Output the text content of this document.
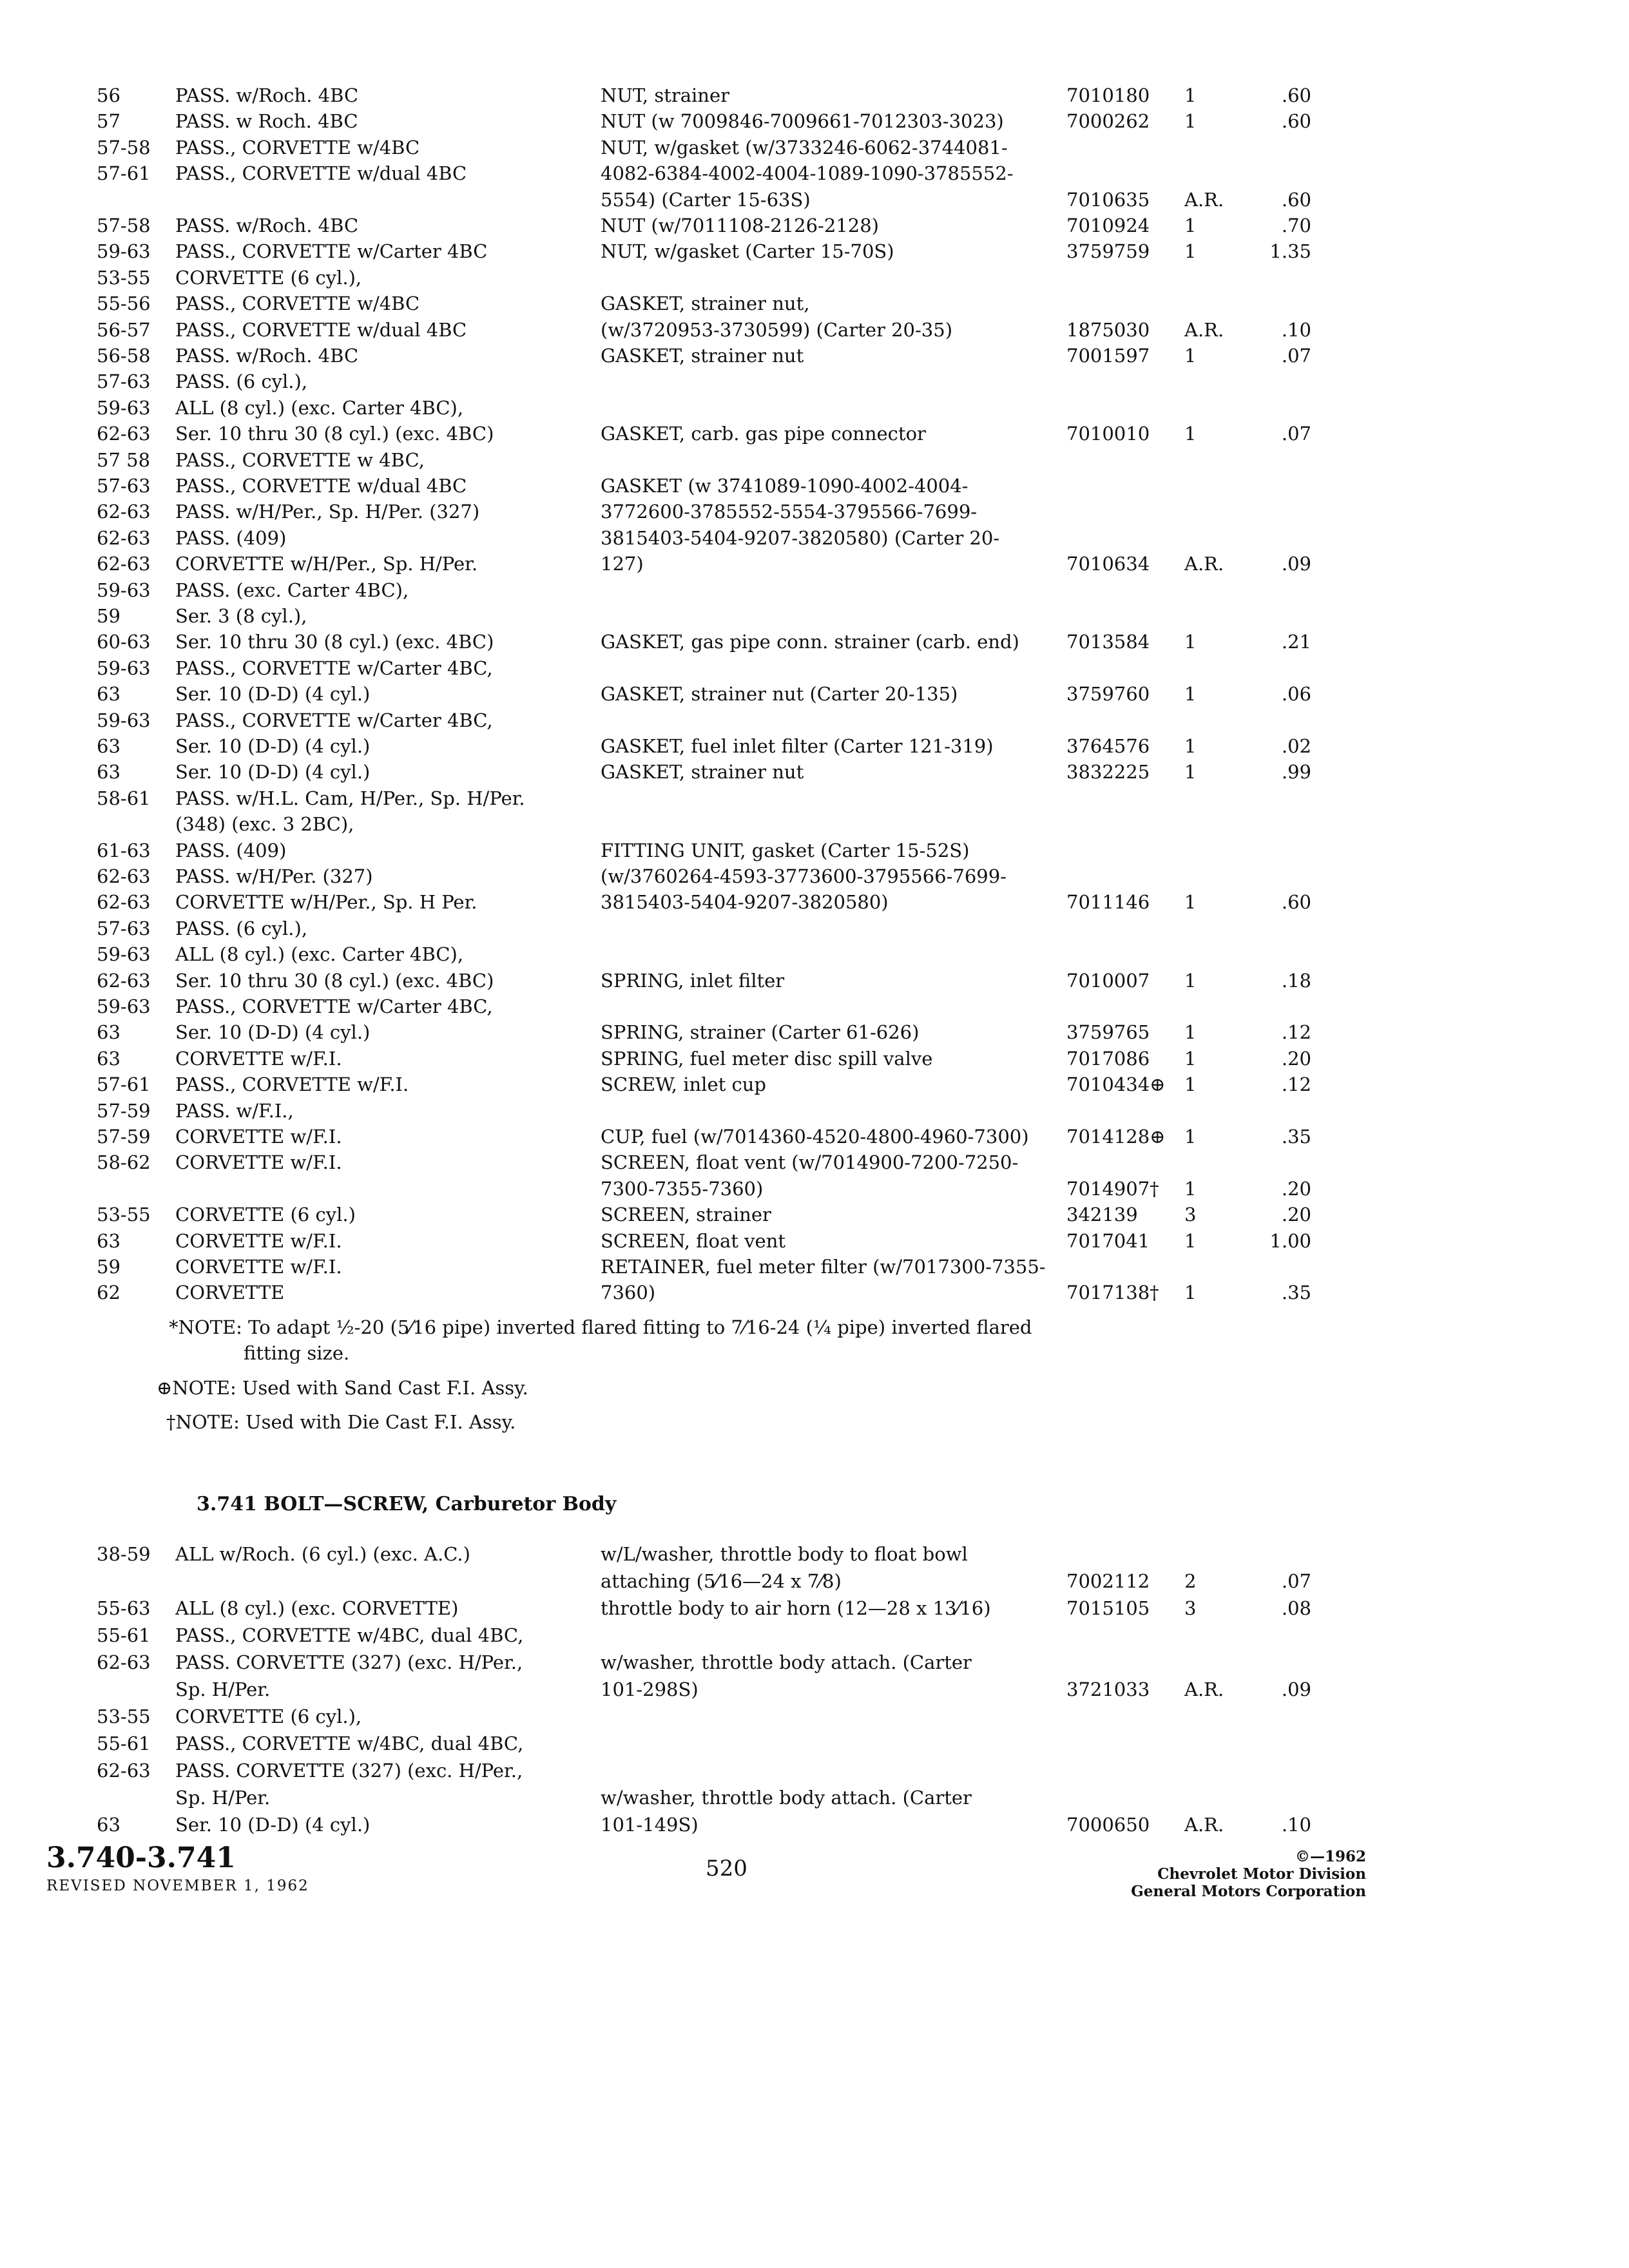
56	PASS. w/Roch. 4BC	NUT, strainer	7010180	1	.60
57	PASS. w Roch. 4BC	NUT (w 7009846-7009661-7012303-3023)	7000262	1	.60
57-58	PASS., CORVETTE w/4BC	NUT, w/gasket (w/3733246-6062-3744081-
57-61	PASS., CORVETTE w/dual 4BC	4082-6384-4002-4004-1089-1090-3785552-
5554) (Carter 15-63S)	7010635	A.R.	.60
57-58	PASS. w/Roch. 4BC	NUT (w/7011108-2126-2128)	7010924	1	.70
59-63	PASS., CORVETTE w/Carter 4BC	NUT, w/gasket (Carter 15-70S)	3759759	1	1.35
53-55	CORVETTE (6 cyl.),
55-56	PASS., CORVETTE w/4BC	GASKET, strainer nut,
56-57	PASS., CORVETTE w/dual 4BC	(w/3720953-3730599) (Carter 20-35)	1875030	A.R.	.10
56-58	PASS. w/Roch. 4BC	GASKET, strainer nut	7001597	1	.07
57-63	PASS. (6 cyl.),
59-63	ALL (8 cyl.) (exc. Carter 4BC),
62-63	Ser. 10 thru 30 (8 cyl.) (exc. 4BC)	GASKET, carb. gas pipe connector	7010010	1	.07
57 58	PASS., CORVETTE w 4BC,
57-63	PASS., CORVETTE w/dual 4BC	GASKET (w 3741089-1090-4002-4004-
62-63	PASS. w/H/Per., Sp. H/Per. (327)	3772600-3785552-5554-3795566-7699-
62-63	PASS. (409)	3815403-5404-9207-3820580) (Carter 20-
62-63	CORVETTE w/H/Per., Sp. H/Per.	127)	7010634	A.R.	.09
59-63	PASS. (exc. Carter 4BC),
59	Ser. 3 (8 cyl.),
60-63	Ser. 10 thru 30 (8 cyl.) (exc. 4BC)	GASKET, gas pipe conn. strainer (carb. end)	7013584	1	.21
59-63	PASS., CORVETTE w/Carter 4BC,
63	Ser. 10 (D-D) (4 cyl.)	GASKET, strainer nut (Carter 20-135)	3759760	1	.06
59-63	PASS., CORVETTE w/Carter 4BC,
63	Ser. 10 (D-D) (4 cyl.)	GASKET, fuel inlet filter (Carter 121-319)	3764576	1	.02
63	Ser. 10 (D-D) (4 cyl.)	GASKET, strainer nut	3832225	1	.99
58-61	PASS. w/H.L. Cam, H/Per., Sp. H/Per.
(348) (exc. 3 2BC),
61-63	PASS. (409)	FITTING UNIT, gasket (Carter 15-52S)
62-63	PASS. w/H/Per. (327)	(w/3760264-4593-3773600-3795566-7699-
62-63	CORVETTE w/H/Per., Sp. H Per.	3815403-5404-9207-3820580)	7011146	1	.60
57-63	PASS. (6 cyl.),
59-63	ALL (8 cyl.) (exc. Carter 4BC),
62-63	Ser. 10 thru 30 (8 cyl.) (exc. 4BC)	SPRING, inlet filter	7010007	1	.18
59-63	PASS., CORVETTE w/Carter 4BC,
63	Ser. 10 (D-D) (4 cyl.)	SPRING, strainer (Carter 61-626)	3759765	1	.12
63	CORVETTE w/F.I.	SPRING, fuel meter disc spill valve	7017086	1	.20
57-61	PASS., CORVETTE w/F.I.	SCREW, inlet cup	7010434⊕	1	.12
57-59	PASS. w/F.I.,
57-59	CORVETTE w/F.I.	CUP, fuel (w/7014360-4520-4800-4960-7300)	7014128⊕	1	.35
58-62	CORVETTE w/F.I.	SCREEN, float vent (w/7014900-7200-7250-
7300-7355-7360)	7014907†	1	.20
53-55	CORVETTE (6 cyl.)	SCREEN, strainer	342139	3	.20
63	CORVETTE w/F.I.	SCREEN, float vent	7017041	1	1.00
59	CORVETTE w/F.I.	RETAINER, fuel meter filter (w/7017300-7355-
62	CORVETTE	7360)	7017138†	1	.35
*NOTE: To adapt ½-20 (5⁄16 pipe) inverted flared fitting to 7⁄16-24 (¼ pipe) inverted flared
fitting size.
⊕NOTE: Used with Sand Cast F.I. Assy.
†NOTE: Used with Die Cast F.I. Assy.
3.741 BOLT—SCREW, Carburetor Body
38-59	ALL w/Roch. (6 cyl.) (exc. A.C.)	w/L/washer, throttle body to float bowl
attaching (5⁄16—24 x 7⁄8)	7002112	2	.07
55-63	ALL (8 cyl.) (exc. CORVETTE)	throttle body to air horn (12—28 x 13⁄16)	7015105	3	.08
55-61	PASS., CORVETTE w/4BC, dual 4BC,
62-63	PASS. CORVETTE (327) (exc. H/Per.,	w/washer, throttle body attach. (Carter
Sp. H/Per.	101-298S)	3721033	A.R.	.09
53-55	CORVETTE (6 cyl.),
55-61	PASS., CORVETTE w/4BC, dual 4BC,
62-63	PASS. CORVETTE (327) (exc. H/Per.,
Sp. H/Per.	w/washer, throttle body attach. (Carter
63	Ser. 10 (D-D) (4 cyl.)	101-149S)	7000650	A.R.	.10
3.740-3.741
REVISED NOVEMBER 1, 1962
520	©—1962
Chevrolet Motor Division
General Motors Corporation
